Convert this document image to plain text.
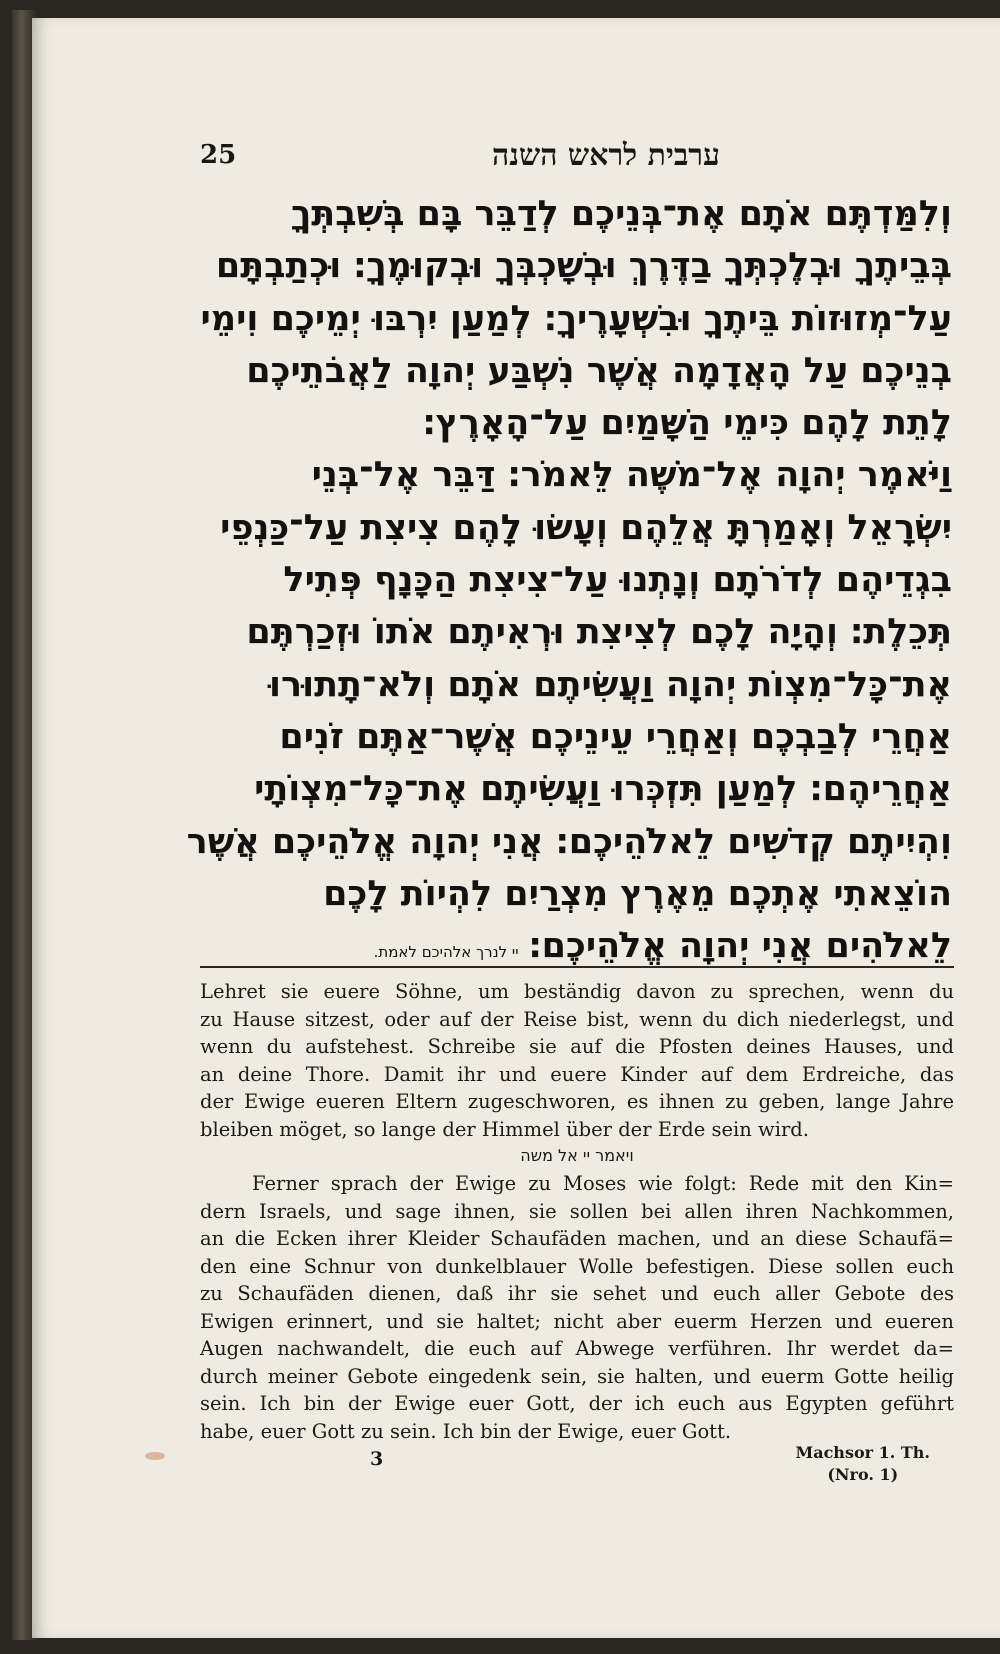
25	ערבית לראש השנה
וְלִמַּדְתֶּם אֹתָם אֶת־בְּנֵיכֶם לְדַבֵּר בָּם בְּשִׁבְתְּךָ
בְּבֵיתֶךָ וּבְלֶכְתְּךָ בַדֶּרֶךְ וּבְשָׁכְבְּךָ וּבְקוּמֶךָ׃ וּכְתַבְתָּם
עַל־מְזוּזוֹת בֵּיתֶךָ וּבִשְׁעָרֶיךָ׃ לְמַעַן יִרְבּוּ יְמֵיכֶם וִימֵי
בְנֵיכֶם עַל הָאֲדָמָה אֲשֶׁר נִשְׁבַּע יְהוָה לַאֲבֹתֵיכֶם
לָתֵת לָהֶם כִּימֵי הַשָּׁמַיִם עַל־הָאָרֶץ׃
וַיֹּאמֶר יְהוָה אֶל־מֹשֶׁה לֵּאמֹר׃ דַּבֵּר אֶל־בְּנֵי
יִשְׂרָאֵל וְאָמַרְתָּ אֲלֵהֶם וְעָשׂוּ לָהֶם צִיצִת עַל־כַּנְפֵי
בִגְדֵיהֶם לְדֹרֹתָם וְנָתְנוּ עַל־צִיצִת הַכָּנָף פְּתִיל
תְּכֵלֶת׃ וְהָיָה לָכֶם לְצִיצִת וּרְאִיתֶם אֹתוֹ וּזְכַרְתֶּם
אֶת־כָּל־מִצְוֹת יְהוָה וַעֲשִׂיתֶם אֹתָם וְלֹא־תָתוּרוּ
אַחֲרֵי לְבַבְכֶם וְאַחֲרֵי עֵינֵיכֶם אֲשֶׁר־אַתֶּם זֹנִים
אַחֲרֵיהֶם׃ לְמַעַן תִּזְכְּרוּ וַעֲשִׂיתֶם אֶת־כָּל־מִצְוֹתָי
וִהְיִיתֶם קְדֹשִׁים לֵאלֹהֵיכֶם׃ אֲנִי יְהוָה אֱלֹהֵיכֶם אֲשֶׁר
הוֹצֵאתִי אֶתְכֶם מֵאֶרֶץ מִצְרַיִם לִהְיוֹת לָכֶם
לֵאלֹהִים אֲנִי יְהוָה אֱלֹהֵיכֶם׃
יי לנרך אלהיכם לאמת.
Lehret sie euere Söhne, um beständig davon zu sprechen, wenn du
zu Hause sitzest, oder auf der Reise bist, wenn du dich niederlegst, und
wenn du aufstehest. Schreibe sie auf die Pfosten deines Hauses, und
an deine Thore. Damit ihr und euere Kinder auf dem Erdreiche, das
der Ewige eueren Eltern zugeschworen, es ihnen zu geben, lange Jahre
bleiben möget, so lange der Himmel über der Erde sein wird.
ויאמר יי אל משה
Ferner sprach der Ewige zu Moses wie folgt: Rede mit den Kin=
dern Israels, und sage ihnen, sie sollen bei allen ihren Nachkommen,
an die Ecken ihrer Kleider Schaufäden machen, und an diese Schaufä=
den eine Schnur von dunkelblauer Wolle befestigen. Diese sollen euch
zu Schaufäden dienen, daß ihr sie sehet und euch aller Gebote des
Ewigen erinnert, und sie haltet; nicht aber euerm Herzen und eueren
Augen nachwandelt, die euch auf Abwege verführen. Ihr werdet da=
durch meiner Gebote eingedenk sein, sie halten, und euerm Gotte heilig
sein. Ich bin der Ewige euer Gott, der ich euch aus Egypten geführt
habe, euer Gott zu sein. Ich bin der Ewige, euer Gott.
3	Machsor 1. Th.
(Nro. 1)
